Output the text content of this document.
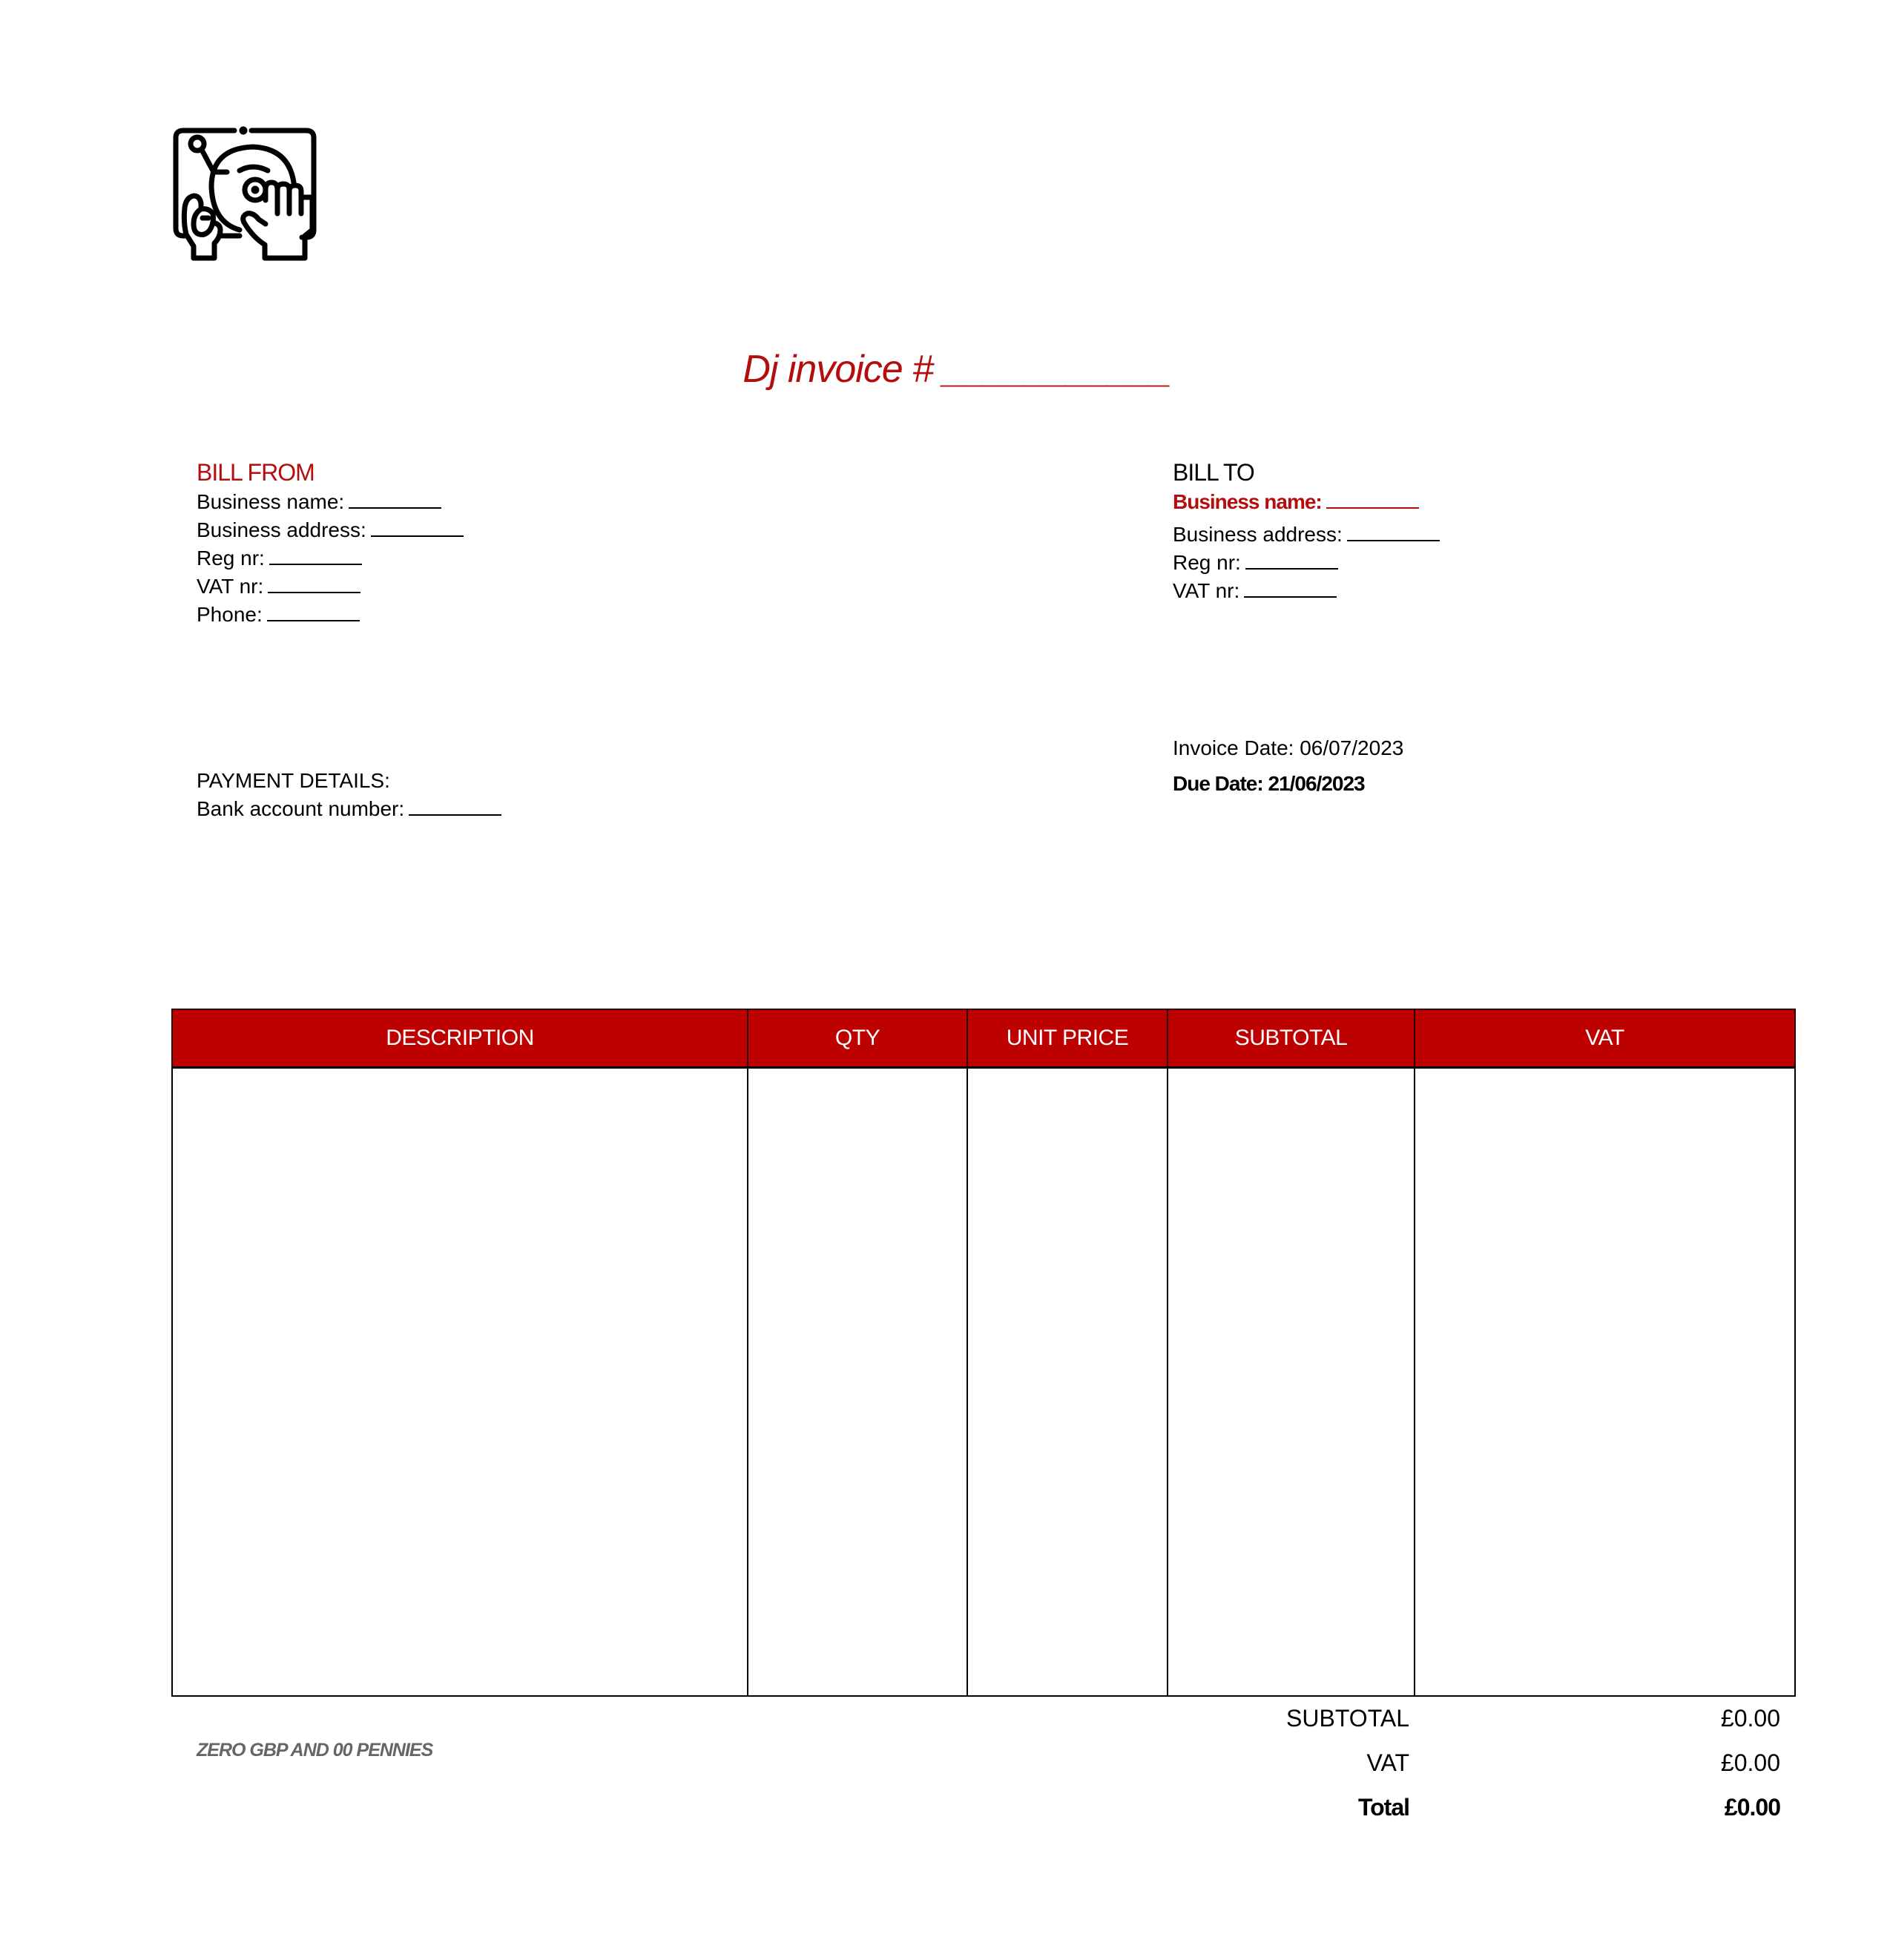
Dj invoice # ___________
BILL FROM
Business name:
Business address:
Reg nr:
VAT nr:
Phone:
BILL TO
Business name:
Business address:
Reg nr:
VAT nr:
Invoice Date: 06/07/2023
Due Date: 21/06/2023
PAYMENT DETAILS:
Bank account number:
DESCRIPTION	QTY	UNIT PRICE	SUBTOTAL	VAT

ZERO GBP AND 00 PENNIES
SUBTOTAL	£0.00
VAT	£0.00
Total	£0.00
